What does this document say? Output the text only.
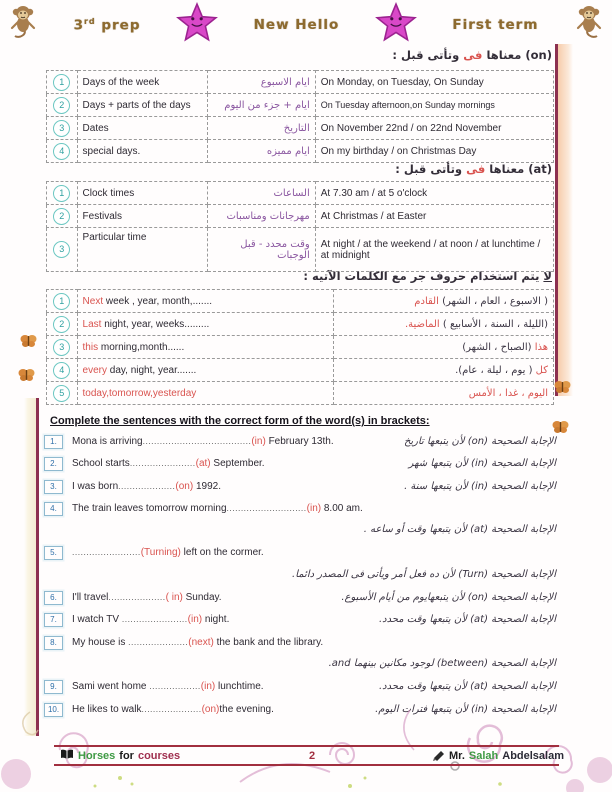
3rd prep	New Hello	First term
(on) معناها فى وتأتى قبل :
1	Days of the week	ايام الاسبوع	On Monday, on Tuesday, On Sunday
2	Days + parts of the days	ايام + جزء من اليوم	On Tuesday afternoon,on Sunday mornings
3	Dates	التاريخ	On November 22nd / on 22nd November
4	special days.	ايام مميزه	On my birthday / on Christmas Day
(at) معناها فى وتأتى قبل :
1	Clock times	الساعات	At 7.30 am / at 5 o'clock
2	Festivals	مهرجانات ومناسبات	At Christmas / at Easter
3	Particular time	وقت محدد - قبل الوجبات	At night / at the weekend / at noon / at lunchtime / at midnight
لا يتم استخدام حروف جر مع الكلمات الآتيه :
1	Next week , year, month,.......	( الاسبوع ، العام ، الشهر) القادم
2	Last night, year, weeks.........	(الليلة ، السنة ، الأسابيع ) الماضية.
3	this morning,month......	هذا (الصباح ، الشهر)
4	every day, night, year.......	كل ( يوم ، ليلة ، عام).
5	today,tomorrow,yesterday	اليوم ، غدا ، الأمس
Complete the sentences with the correct form of the word(s) in brackets:
1.	Mona is arriving......................................(in) February 13th.	الإجابة الصحيحة (on) لأن يتبعها تاريخ
2.	School starts.......................(at) September.	الإجابة الصحيحة (in) لأن يتبعها شهر
3.	I was born....................(on) 1992.	الإجابة الصحيحة (in) لأن يتبعها سنة .
4.	The train leaves tomorrow morning............................(in) 8.00 am.
الإجابة الصحيحة (at) لأن يتبعها وقت أو ساعه .
5.	........................(Turning) left on the cormer.
الإجابة الصحيحة (Turn) لأن ده فعل أمر ويأتى فى المصدر دائما.
6.	I'll travel....................( in) Sunday.	الإجابة الصحيحة (on) لأن يتبعهايوم من أيام الأسبوع.
7.	I watch TV .......................(in) night.	الإجابة الصحيحة (at) لأن يتبعها وقت محدد.
8.	My house is .....................(next) the bank and the library.
الإجابة الصحيحة (between) لوجود مكانين بينهما and.
9.	Sami went home ..................(in) lunchtime.	الإجابة الصحيحة (at) لأن يتبعها وقت محدد.
10.	He likes to walk.....................(on)the evening.	الإجابة الصحيحة (in) لأن يتبعها فترات اليوم.
Horses for courses	2	Mr. Salah Abdelsalam
